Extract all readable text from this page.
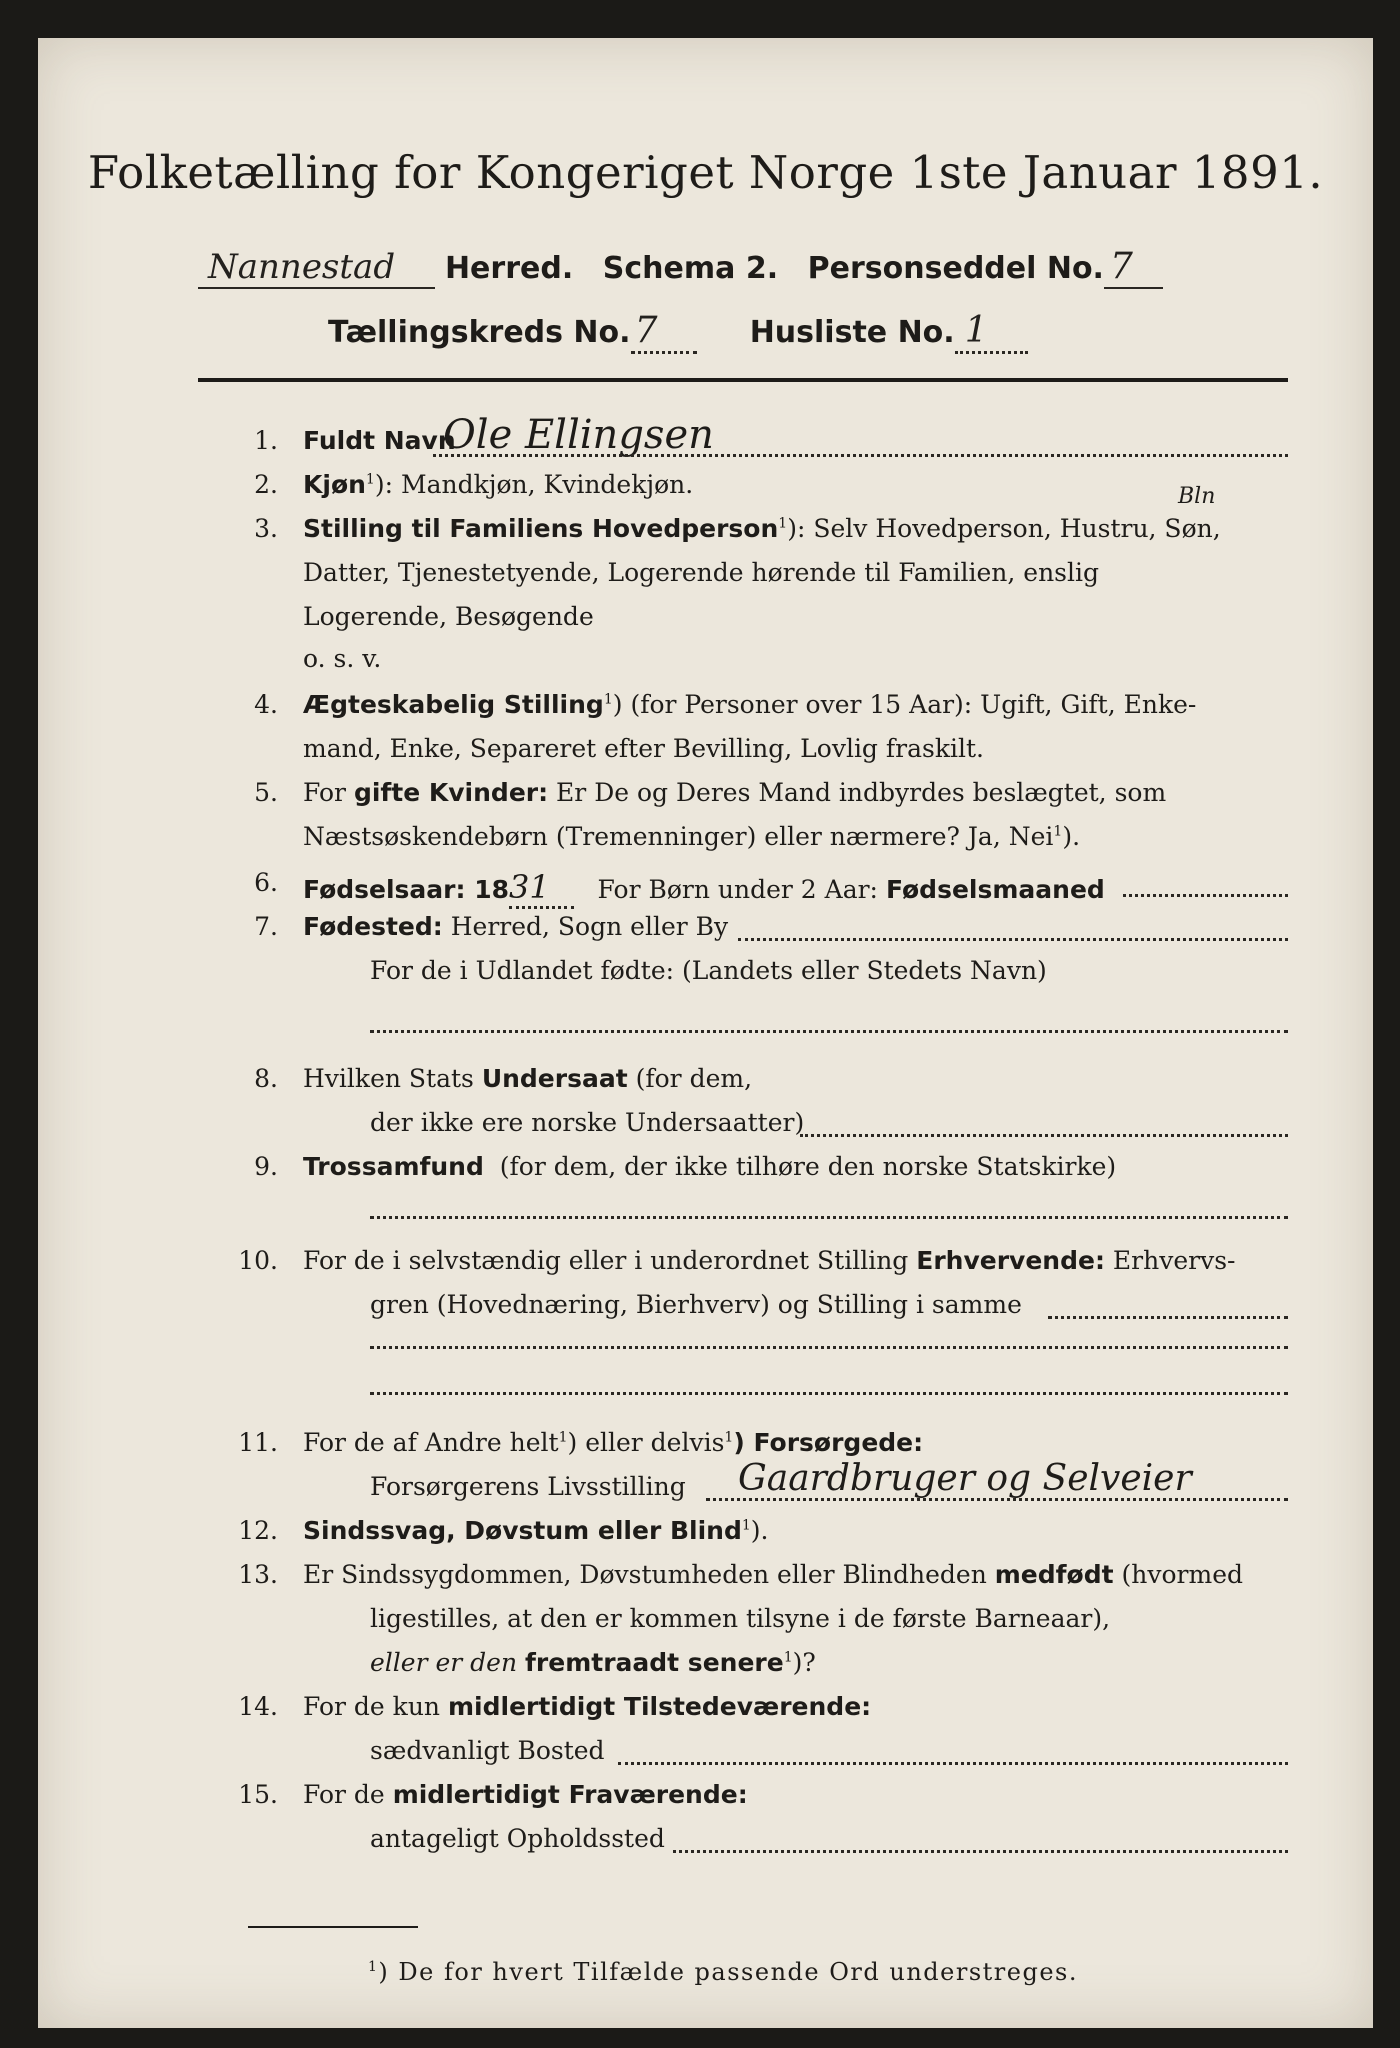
Folketælling for Kongeriget Norge 1ste Januar 1891.
Nannestad Herred. Schema 2. Personseddel No. 7
Tællingskreds No. 7	Husliste No. 1
1. Fuldt Navn
Ole Ellingsen
2. Kjøn$^1$): Mandkjøn, Kvindekjøn.
3. Stilling til Familiens Hovedperson$^1$): Selv Hovedperson, Hustru, Søn,
Bln
Datter, Tjenestetyende, Logerende hørende til Familien, enslig
Logerende, Besøgende
o. s. v.
4. Ægteskabelig Stilling$^1$) (for Personer over 15 Aar): Ugift, Gift, Enke-
mand, Enke, Separeret efter Bevilling, Lovlig fraskilt.
5. For gifte Kvinder: Er De og Deres Mand indbyrdes beslægtet, som
Næstsøskendebørn (Tremenninger) eller nærmere? Ja, Nei$^1$).
6. Fødselsaar: 1831 For Børn under 2 Aar: Fødselsmaaned
7. Fødested: Herred, Sogn eller By
For de i Udlandet fødte: (Landets eller Stedets Navn)
8. Hvilken Stats Undersaat (for dem,
der ikke ere norske Undersaatter)
9. Trossamfund (for dem, der ikke tilhøre den norske Statskirke)
10. For de i selvstændig eller i underordnet Stilling Erhvervende: Erhvervs-
gren (Hovednæring, Bierhverv) og Stilling i samme
11. For de af Andre helt$^1$) eller delvis$^1$) Forsørgede:
Forsørgerens Livsstilling Gaardbruger og Selveier
12. Sindssvag, Døvstum eller Blind$^1$).
13. Er Sindssygdommen, Døvstumheden eller Blindheden medfødt (hvormed
ligestilles, at den er kommen tilsyne i de første Barneaar),
eller er den fremtraadt senere$^1$)?
14. For de kun midlertidigt Tilstedeværende:
sædvanligt Bosted
15. For de midlertidigt Fraværende:
antageligt Opholdssted
$^1$) De for hvert Tilfælde passende Ord understreges.
